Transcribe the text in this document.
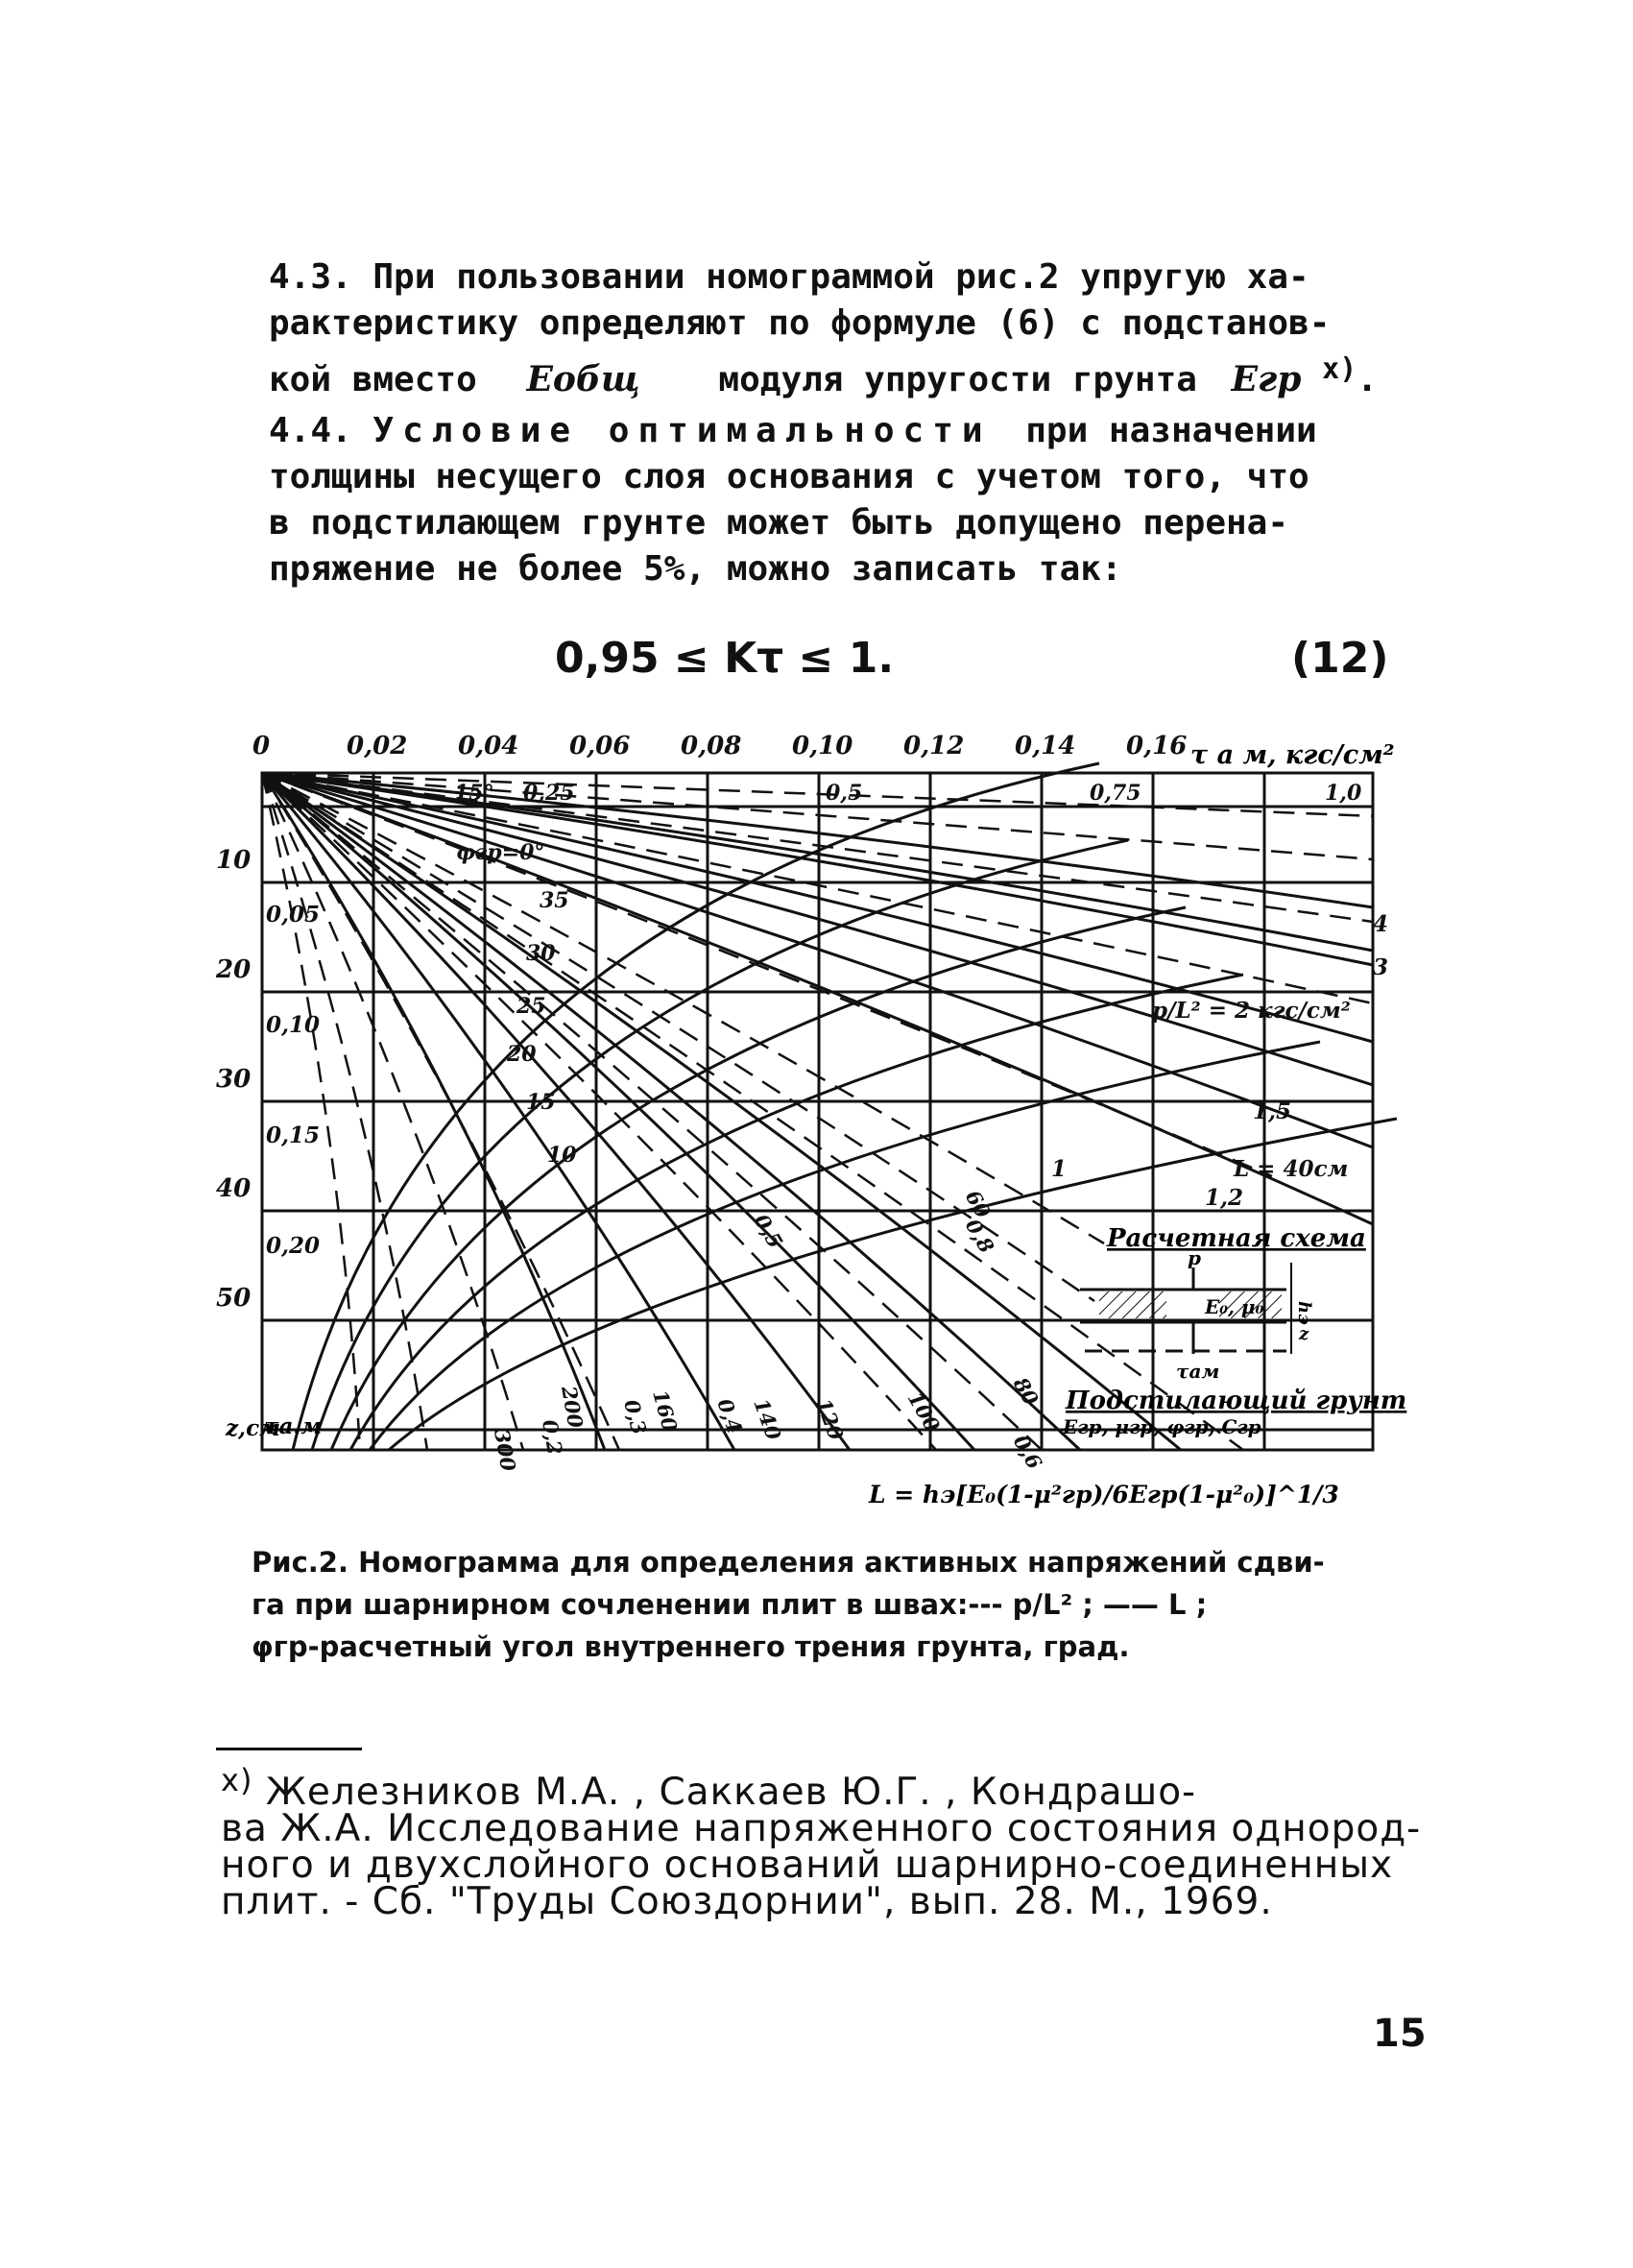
4.3. При пользовании номограммой рис.2 упругую ха-
рактеристику определяют по формуле (6) с подстанов-
кой вместо Eобщ модуля упругости грунта Eгр $^{x)}$.
4.4. Условие оптимальности при назначении
толщины несущего слоя основания с учетом того, что
в подстилающем грунте может быть допущено перена-
пряжение не более 5%, можно записать так:
0,95 ≤ Kτ ≤ 1.	(12)
0	0,02 0,04 0,06 0,08 0,10 0,12 0,14 0,16
10
20
30
40
50
0,05
0,10
0,15
0,20
15° 0,25	0,5	0,75	1,0
φгр=0°
35
30
25
20
15
10
4
3
p/L² = 2 кгс/см²
1,5
L = 40см
1,2
1
60
0,8
0,5
80
0,6
100
120
140
0,4
160
0,3
200
0,2
300
τ a м, кгс/см²
z,см
τa.м
Расчетная схема
p
E₀, μ₀ hэ
z
τaм
Подстилающий грунт
Eгр, μгр, φгр, Cгр
L = hэ[E₀(1-μ²гр)/6Eгр(1-μ²₀)]^1/3
Рис.2. Номограмма для определения активных напряжений сдви-
га при шарнирном сочленении плит в швах:--- p/L² ; —— L ;
φгр-расчетный угол внутреннего трения грунта, град.
$^{x)}$ Железников М.А. , Саккаев Ю.Г. , Кондрашо-
ва Ж.А. Исследование напряженного состояния однород-
ного и двухслойного оснований шарнирно-соединенных
плит. - Сб. "Труды Союздорнии", вып. 28. М., 1969.
15
